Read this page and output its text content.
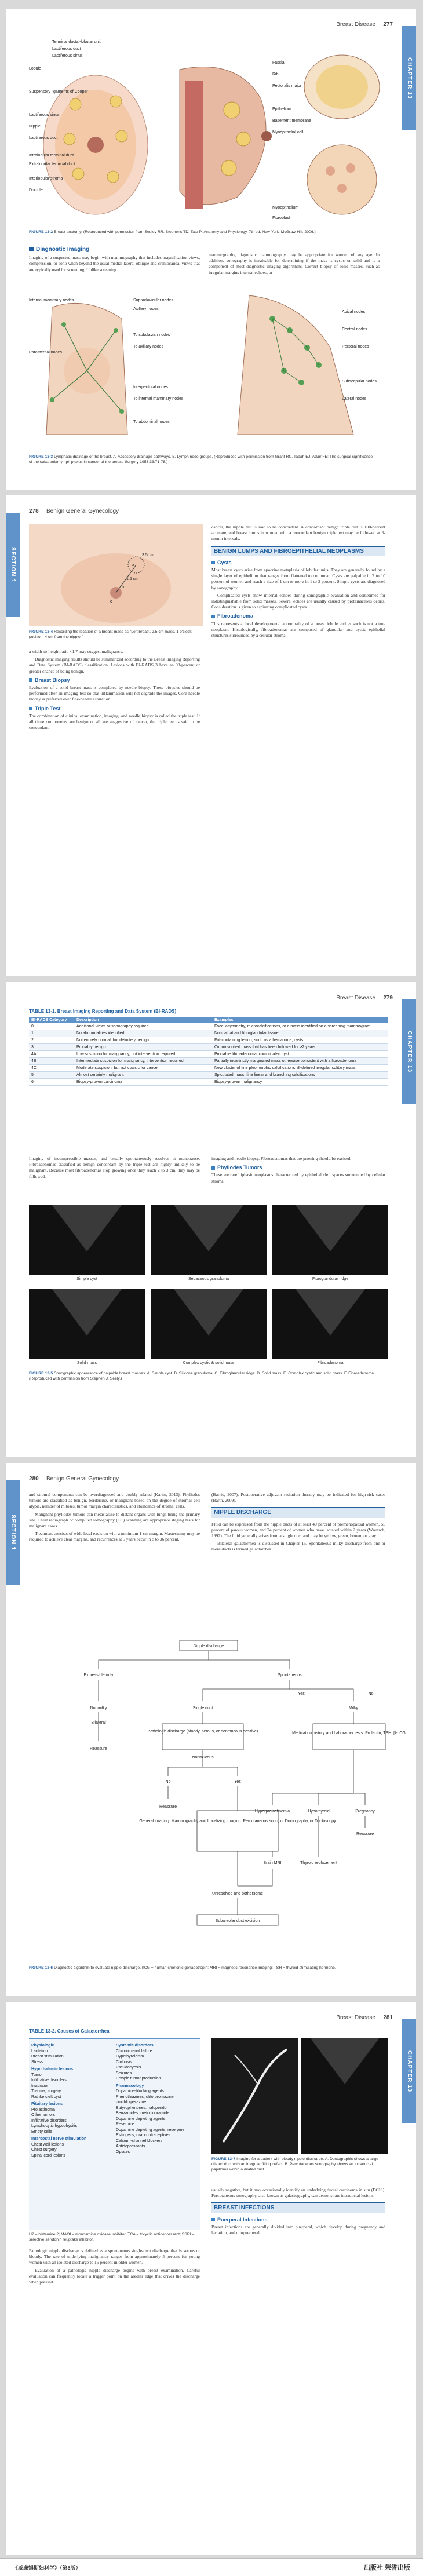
Breast Disease 277
CHAPTER 13
Terminal ductal-lobular unit
Lactiferous duct
Lactiferous sinus
Lobule
Suspensory ligaments of Cooper
Lactiferous sinus
Nipple
Lactiferous duct
Intralobular terminal duct
Extralobular terminal duct
Interlobular stroma
Ductule
Fascia
Rib
Pectoralis major
Epithelium
Basement membrane
Myoepithelial cell
Myoepithelium
Fibroblast
FIGURE 13-2 Breast anatomy. (Reproduced with permission from Seeley RR, Stephens TD, Tate P: Anatomy and Physiology, 7th ed. New York: McGraw-Hill; 2006.)
Diagnostic Imaging

Imaging of a suspected mass may begin with mammography that includes magnification views, compression, or sono when beyond the usual medial lateral oblique and craniocaudal views that are typically used for screening. Unlike screening

mammography, diagnostic mammography may be appropriate for women of any age. In addition, sonography is invaluable for determining if the mass is cystic or solid and is a component of most diagnostic imaging algorithms. Correct biopsy of solid masses, such as irregular margins internal echoes, or

Supraclavicular nodes
Axillary nodes
Internal mammary nodes
To subclavian nodes
To axillary nodes
Parasternal nodes
Interpectoral nodes
To internal mammary nodes
To abdominal nodes
Apical nodes
Central nodes
Pectoral nodes
Subscapular nodes
Lateral nodes
FIGURE 13-3 Lymphatic drainage of the breast. A. Accessory drainage pathways. B. Lymph node groups. (Reproduced with permission from Grant RN, Tabah EJ, Adair FE: The surgical significance of the subareolar lymph plexus in cancer of the breast. Surgery 1953;33:71-78.)
278 Benign General Gynecology
SECTION 1	3.5 cm
1.5 cm
a
b
c
FIGURE 13-4 Recording the location of a breast mass as "Left breast, 2.5 cm mass, 1 o'clock position, 4 cm from the nipple."

a width-to-height ratio <1.7 may suggest malignancy.

Diagnostic imaging results should be summarized according to the Breast Imaging Reporting and Data System (BI-RADS) classification. Lesions with BI-RADS 3 have an 98-percent or greater chance of being benign.

Breast Biopsy

Evaluation of a solid breast mass is completed by needle biopsy. These biopsies should be performed after an imaging test so that inflammation will not degrade the images. Core needle biopsy is preferred over fine-needle aspiration.

Triple Test

The combination of clinical examination, imaging, and needle biopsy is called the triple test. If all three components are benign or all are suggestive of cancer, the triple test is said to be concordant.

cancer, the nipple test is said to be concordant. A concordant benign triple test is 100-percent accurate, and breast lumps in women with a concordant benign triple test may be followed at 6-month intervals.

BENIGN LUMPS AND FIBROEPITHELIAL NEOPLASMS
Cysts

Most breast cysts arise from apocrine metaplasia of lobular units. They are generally found by a single layer of epithelium that ranges from flattened to columnar. Cysts are palpable in 7 to 10 percent of women and reach a size of 1 cm or more in 1 to 2 percent. Simple cysts are diagnosed by sonography.

Complicated cysts show internal echoes during sonographic evaluation and sometimes for indistinguishable from solid masses. Several echoes are usually caused by proteinaceous debris. Consideration is given to aspirating complicated cysts.

Fibroadenoma

This represents a focal developmental abnormality of a breast lobule and as such is not a true neoplasm. Histologically, fibroadenomas are composed of glandular and cystic epithelial structures surrounded by a cellular stroma.

Breast Disease 279
CHAPTER 13
TABLE 13-1. Breast Imaging Reporting and Data System (BI-RADS)
BI-RADS Category	Description	Examples
0	Additional views or sonography required	Focal asymmetry, microcalcifications, or a mass identified on a screening mammogram
1	No abnormalities identified	Normal fat and fibroglandular tissue
2	Not entirely normal, but definitely benign	Fat-containing lesion, such as a hematoma; cysts
3	Probably benign	Circumscribed mass that has been followed for ≥2 years
4A	Low suspicion for malignancy, but intervention required	Probable fibroadenoma; complicated cyst
4B	Intermediate suspicion for malignancy, intervention required	Partially indistinctly marginated mass otherwise consistent with a fibroadenoma
4C	Moderate suspicion, but not classic for cancer	New cluster of fine pleomorphic calcifications; ill-defined irregular solitary mass
5	Almost certainly malignant	Spiculated mass; fine linear and branching calcifications
6	Biopsy-proven carcinoma	Biopsy-proven malignancy

Imaging of incompressible masses, and usually spontaneously resolves at menopause. Fibroadenomas classified as benign concordant by the triple test are highly unlikely to be malignant. Because most fibroadenomas stop growing once they reach 2 to 3 cm, they may be followed.

imaging and needle biopsy. Fibroadenomas that are growing should be excised.

Phyllodes Tumors

These are rare biphasic neoplasms characterized by epithelial cleft spaces surrounded by cellular stroma.

Simple cyst	Sebaceous granuloma	Fibroglandular ridge
Solid mass	Complex cystic & solid mass	Fibroadenoma
FIGURE 13-5 Sonographic appearance of palpable breast masses. A. Simple cyst. B. Silicone granuloma. C. Fibroglandular ridge. D. Solid mass. E. Complex cystic and solid mass. F. Fibroadenoma. (Reproduced with permission from Stephen J. Seely.)
280 Benign General Gynecology
SECTION 1

and stromal components can be overdiagnosed and doubly related (Karim, 2013). Phyllodes tumors are classified as benign, borderline, or malignant based on the degree of stromal cell atypia, number of mitoses, tumor margin characteristics, and abundance of stromal cells.

Malignant phyllodes tumors can metastasize to distant organs with lungs being the primary site. Chest radiograph or computed tomography (CT) scanning are appropriate staging tests for malignant cases.

Treatment consists of wide local excision with a minimum 1-cm margin. Mastectomy may be required to achieve clear margins, and recurrences at 5 years occur in 8 to 36 percent.

(Barrio, 2007). Postoperative adjuvant radiation therapy may be indicated for high-risk cases (Barth, 2009).

NIPPLE DISCHARGE

Fluid can be expressed from the nipple ducts of at least 40 percent of premenopausal women, 55 percent of parous women, and 74 percent of women who have lactated within 2 years (Wrensch, 1992). The fluid generally arises from a single duct and may be yellow, green, brown, or gray.

Bilateral galactorrhea is discussed in Chapter 15. Spontaneous milky discharge from one or more ducts is termed galactorrhea.

Nipple discharge
Expressible only	Spontaneous
Nonmilky	Single duct	Milky
Pathologic discharge (bloody, serous, or nonmucous positive)	Medication history and Laboratory tests: Prolactin, TSH, β-hCG
No	Yes
Reassure
Reassure
General imaging: Mammography and Localizing imaging: Percutaneous sono, or Ductography, or Ductoscopy
Hyperprolactinemia	Hypothyroid	Pregnancy
Brain MRI	Thyroid replacement
Reassure
Unresolved and bothersome
Subareolar duct excision
Bilateral
Nonmucous
Yes	No
FIGURE 13-6 Diagnostic algorithm to evaluate nipple discharge. hCG = human chorionic gonadotropin; MRI = magnetic resonance imaging; TSH = thyroid-stimulating hormone.
Breast Disease 281
CHAPTER 13
TABLE 13-2. Causes of Galactorrhea
Physiologic
Lactation
Breast stimulation
Stress
Hypothalamic lesions
Tumor
Infiltrative disorders
Irradiation
Trauma, surgery
Rathke cleft cyst
Pituitary lesions
Prolactinoma
Other tumors
Infiltrative disorders
Lymphocytic hypophysitis
Empty sella
Intercostal nerve stimulation
Chest wall lesions
Chest surgery
Spinal cord lesions
Systemic disorders
Chronic renal failure
Hypothyroidism
Cirrhosis
Pseudocyesis
Seizures
Ectopic tumor production
Pharmacology
Dopamine-blocking agents:
Phenothiazines, chlorpromazine,
prochlorperazine
Butyrophenones: haloperidol
Benzamides: metoclopramide
Dopamine depleting agents
Reserpine
Dopamine depleting agents: reserpine
Estrogens, oral contraceptives
Calcium-channel blockers
Antidepressants
Opiates
H2 = histamine 2; MAOI = monoamine oxidase inhibitor; TCA = tricyclic antidepressant; SSRI = selective serotonin reuptake inhibitor.

Pathologic nipple discharge is defined as a spontaneous single-duct discharge that is serous or bloody. The rate of underlying malignancy ranges from approximately 5 percent for young women with an isolated discharge to 15 percent in older women.

Evaluation of a pathologic nipple discharge begins with breast examination. Careful evaluation can frequently locate a trigger point on the areolar edge that drives the discharge when pressed.

FIGURE 13-7 Imaging for a patient with bloody nipple discharge. A. Ductographic shows a large dilated duct with an irregular filling defect. B. Percutaneous sonography shows an intraductal papilloma within a dilated duct.

usually negative, but it may occasionally identify an underlying ductal carcinoma in situ (DCIS). Percutaneous sonography, also known as galactography, can demonstrate intraductal lesions.

BREAST INFECTIONS
Puerperal Infections

Breast infections are generally divided into puerperal, which develop during pregnancy and lactation, and nonpuerperal.

《威廉姆斯妇科学》（第3版）	出版社 荣誉出版
